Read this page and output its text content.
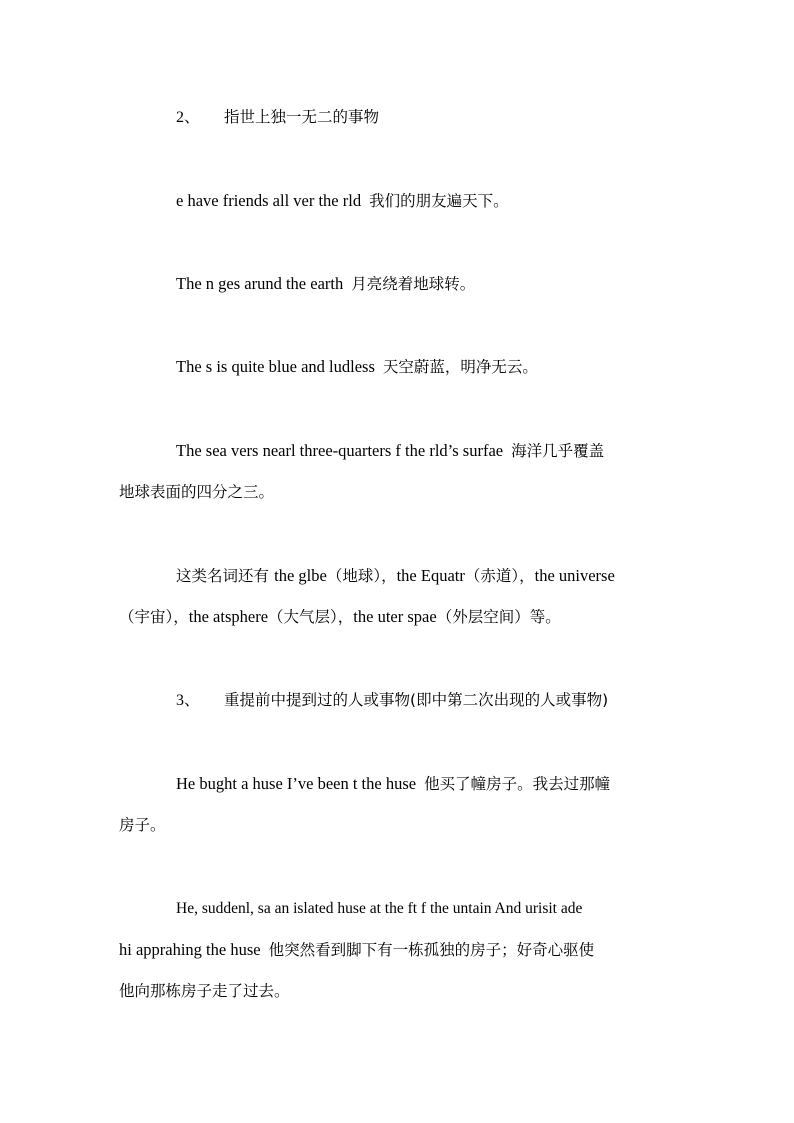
2、 指世上独一无二的事物
e have friends all ver the rld 我们的朋友遍天下。
The n ges arund the earth 月亮绕着地球转。
The s is quite blue and ludless 天空蔚蓝，明净无云。
The sea vers nearl three-quarters f the rld’s surfae 海洋几乎覆盖
地球表面的四分之三。
这类名词还有 the glbe（地球），the Equatr（赤道），the universe
（宇宙），the atsphere（大气层），the uter spae（外层空间）等。
3、 重提前中提到过的人或事物(即中第二次出现的人或事物)
He bught a huse I’ve been t the huse 他买了幢房子。我去过那幢
房子。
He, suddenl, sa an islated huse at the ft f the untain And urisit ade
hi apprahing the huse 他突然看到脚下有一栋孤独的房子；好奇心驱使
他向那栋房子走了过去。
